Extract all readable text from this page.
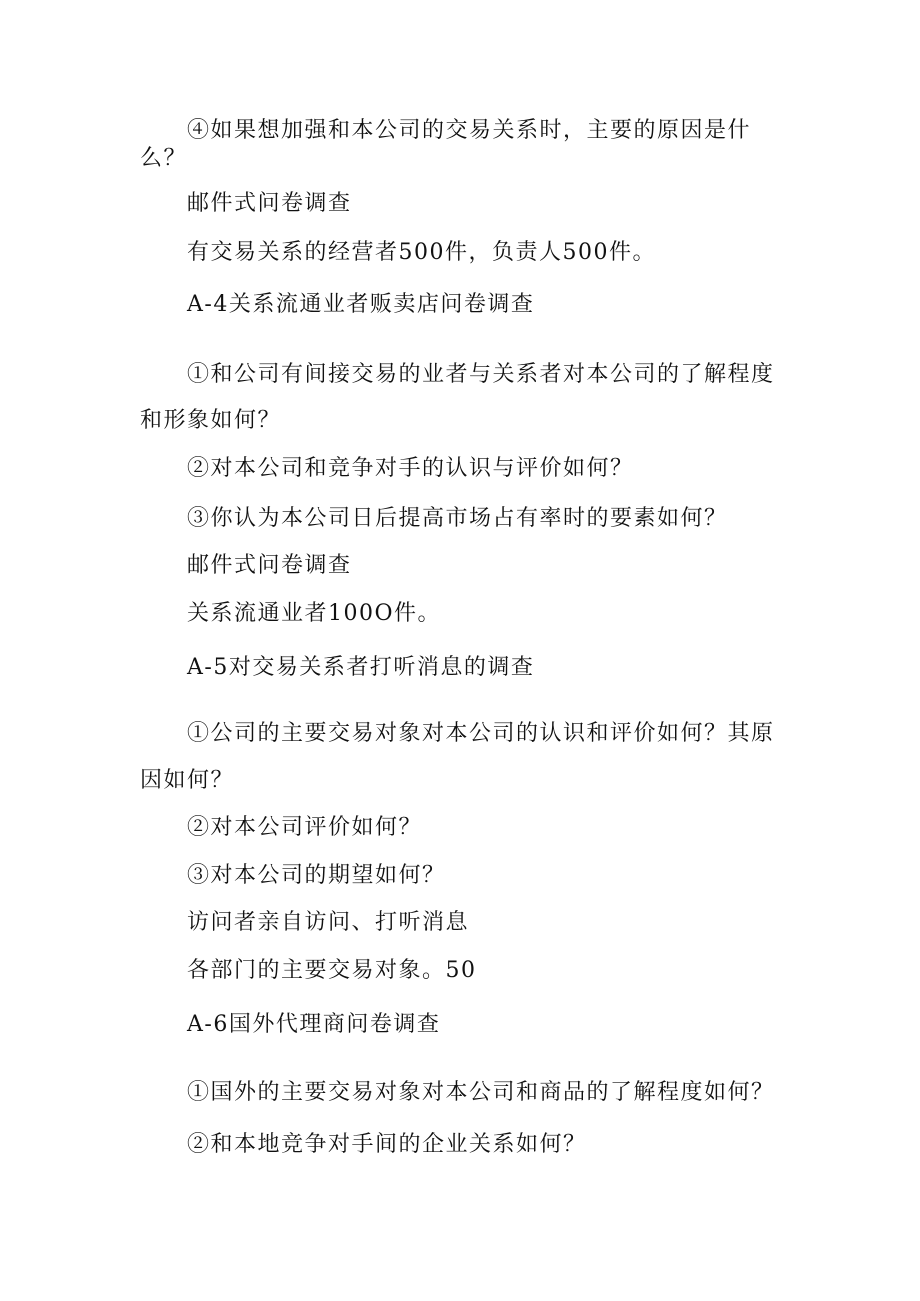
④如果想加强和本公司的交易关系时，主要的原因是什
么？
邮件式问卷调查
有交易关系的经营者500件，负责人500件。
A-4关系流通业者贩卖店问卷调查
①和公司有间接交易的业者与关系者对本公司的了解程度
和形象如何？
②对本公司和竞争对手的认识与评价如何？
③你认为本公司日后提高市场占有率时的要素如何？
邮件式问卷调查
关系流通业者100O件。
A-5对交易关系者打听消息的调查
①公司的主要交易对象对本公司的认识和评价如何？其原
因如何？
②对本公司评价如何？
③对本公司的期望如何？
访问者亲自访问、打听消息
各部门的主要交易对象。50
A-6国外代理商问卷调查
①国外的主要交易对象对本公司和商品的了解程度如何？
②和本地竞争对手间的企业关系如何？
